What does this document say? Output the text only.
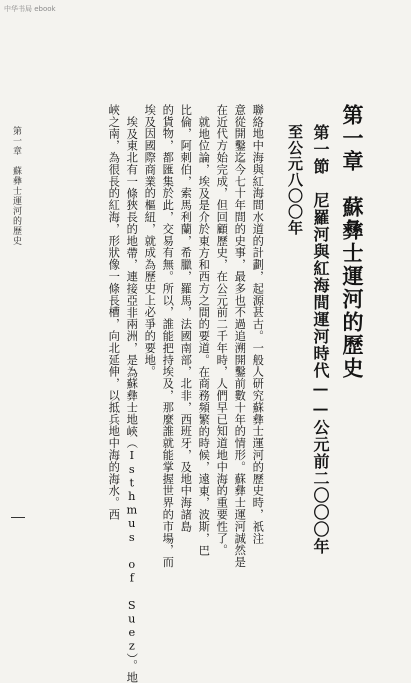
中华书局 ebook
第一章　蘇彝士運河的歷史
第一節　尼羅河與紅海間運河時代——公元前二〇〇〇年
至公元八〇〇年
聯絡地中海與紅海間水道的計劃，起源甚古。一般人研究蘇彝士運河的歷史時，祇注
意從開鑿迄今七十年間的史事，最多也不過追溯開鑿前數十年的情形。蘇彝士運河誠然是
在近代方始完成，但回顧歷史，在公元前二千年時，人們早已知道地中海的重要性了。
就地位論，埃及是介於東方和西方之間的要道。在商務頻繁的時候，遠東，波斯，巴
比倫，阿刺伯，索馬利蘭，希臘，羅馬，法國南部，北非，西班牙，及地中海諸島
的貨物，都匯集於此，交易有無。所以，誰能把持埃及，那麼誰就能掌握世界的市場，而
埃及因國際商業的樞紐，就成為歷史上必爭的要地。
埃及東北有一條狹長的地帶，連接亞非兩洲，是為蘇彝士地峽（Isthmus of Suez）。地
峽之南，為很長的紅海，形狀像一條長槽，向北延伸，以抵兵地中海的海水。西
第一章　蘇彝士運河的歷史
